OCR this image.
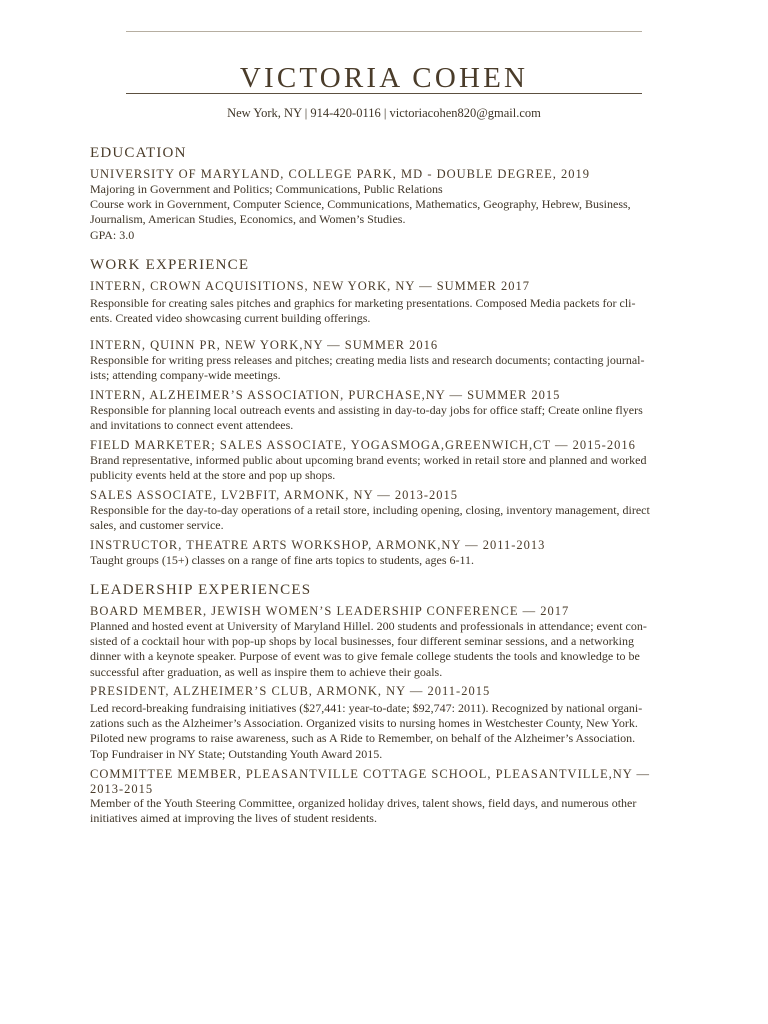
VICTORIA COHEN
New York, NY | 914-420-0116 | victoriacohen820@gmail.com
EDUCATION
UNIVERSITY OF MARYLAND, COLLEGE PARK, MD - DOUBLE DEGREE, 2019
Majoring in Government and Politics; Communications, Public Relations
Course work in Government, Computer Science, Communications, Mathematics, Geography, Hebrew, Business,
Journalism, American Studies, Economics, and Women’s Studies.
GPA: 3.0
WORK EXPERIENCE
INTERN, CROWN ACQUISITIONS, NEW YORK, NY — SUMMER 2017
Responsible for creating sales pitches and graphics for marketing presentations. Composed Media packets for cli-
ents. Created video showcasing current building offerings.
INTERN, QUINN PR, NEW YORK,NY — SUMMER 2016
Responsible for writing press releases and pitches; creating media lists and research documents; contacting journal-
ists; attending company-wide meetings.
INTERN, ALZHEIMER’S ASSOCIATION, PURCHASE,NY — SUMMER 2015
Responsible for planning local outreach events and assisting in day-to-day jobs for office staff; Create online flyers
and invitations to connect event attendees.
FIELD MARKETER; SALES ASSOCIATE, YOGASMOGA,GREENWICH,CT — 2015-2016
Brand representative, informed public about upcoming brand events; worked in retail store and planned and worked
publicity events held at the store and pop up shops.
SALES ASSOCIATE, LV2BFIT, ARMONK, NY — 2013-2015
Responsible for the day-to-day operations of a retail store, including opening, closing, inventory management, direct
sales, and customer service.
INSTRUCTOR, THEATRE ARTS WORKSHOP, ARMONK,NY — 2011-2013
Taught groups (15+) classes on a range of fine arts topics to students, ages 6-11.
LEADERSHIP EXPERIENCES
BOARD MEMBER, JEWISH WOMEN’S LEADERSHIP CONFERENCE — 2017
Planned and hosted event at University of Maryland Hillel. 200 students and professionals in attendance; event con-
sisted of a cocktail hour with pop-up shops by local businesses, four different seminar sessions, and a networking
dinner with a keynote speaker. Purpose of event was to give female college students the tools and knowledge to be
successful after graduation, as well as inspire them to achieve their goals.
PRESIDENT, ALZHEIMER’S CLUB, ARMONK, NY — 2011-2015
Led record-breaking fundraising initiatives ($27,441: year-to-date; $92,747: 2011). Recognized by national organi-
zations such as the Alzheimer’s Association. Organized visits to nursing homes in Westchester County, New York.
Piloted new programs to raise awareness, such as A Ride to Remember, on behalf of the Alzheimer’s Association.
Top Fundraiser in NY State; Outstanding Youth Award 2015.
COMMITTEE MEMBER, PLEASANTVILLE COTTAGE SCHOOL, PLEASANTVILLE,NY —
2013-2015
Member of the Youth Steering Committee, organized holiday drives, talent shows, field days, and numerous other
initiatives aimed at improving the lives of student residents.
